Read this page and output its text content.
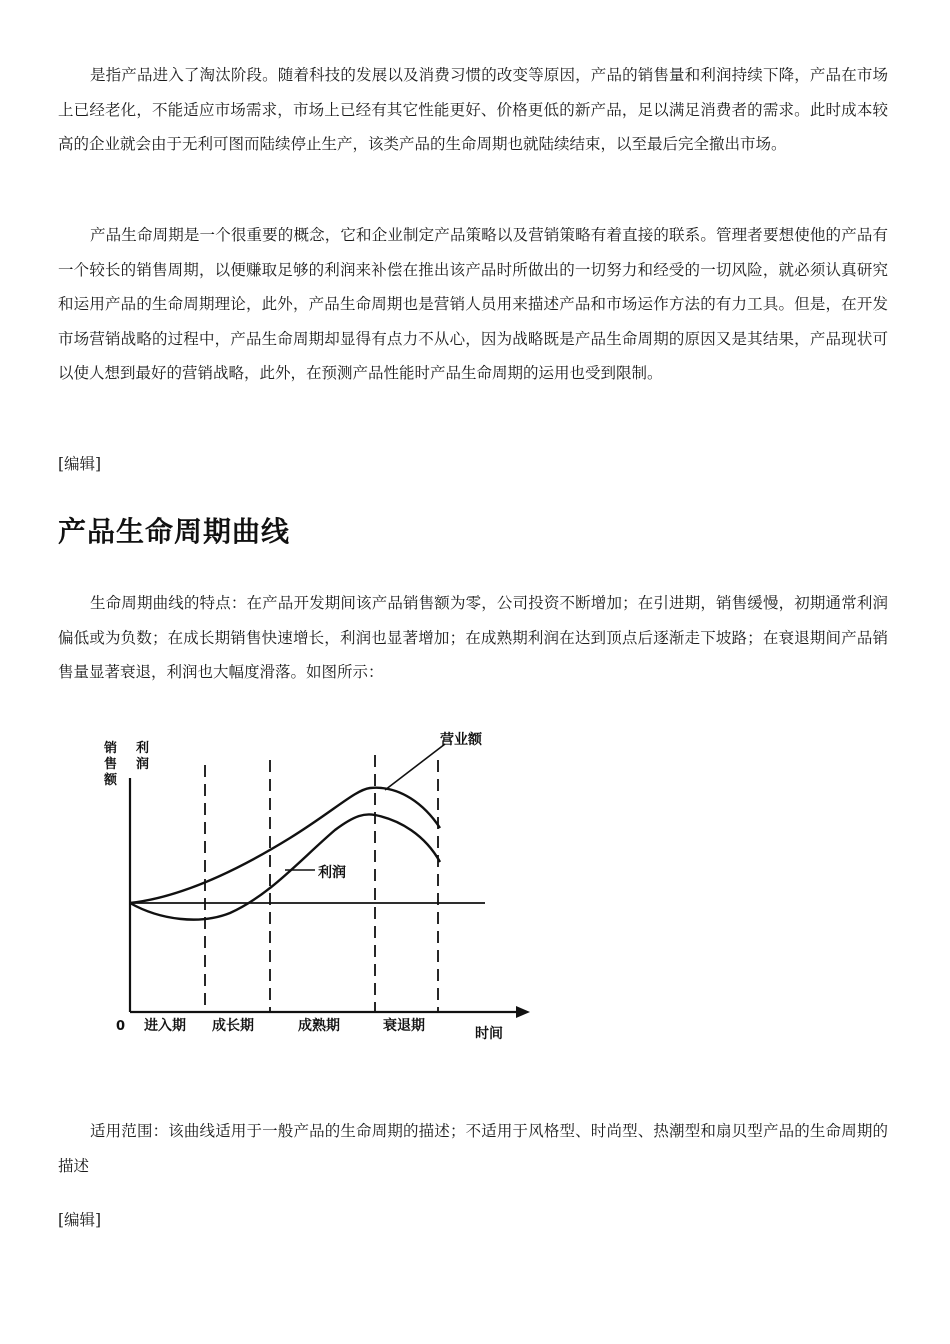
是指产品进入了淘汰阶段。随着科技的发展以及消费习惯的改变等原因，产品的销售量和利润持续下降，产品在市场上已经老化，不能适应市场需求，市场上已经有其它性能更好、价格更低的新产品，足以满足消费者的需求。此时成本较高的企业就会由于无利可图而陆续停止生产，该类产品的生命周期也就陆续结束，以至最后完全撤出市场。

产品生命周期是一个很重要的概念，它和企业制定产品策略以及营销策略有着直接的联系。管理者要想使他的产品有一个较长的销售周期，以便赚取足够的利润来补偿在推出该产品时所做出的一切努力和经受的一切风险，就必须认真研究和运用产品的生命周期理论，此外，产品生命周期也是营销人员用来描述产品和市场运作方法的有力工具。但是，在开发市场营销战略的过程中，产品生命周期却显得有点力不从心，因为战略既是产品生命周期的原因又是其结果，产品现状可以使人想到最好的营销战略，此外，在预测产品性能时产品生命周期的运用也受到限制。

[编辑]
产品生命周期曲线

生命周期曲线的特点：在产品开发期间该产品销售额为零，公司投资不断增加；在引进期，销售缓慢，初期通常利润偏低或为负数；在成长期销售快速增长，利润也显著增加；在成熟期利润在达到顶点后逐渐走下坡路；在衰退期间产品销售量显著衰退，利润也大幅度滑落。如图所示：

销
售
额
利
润
营业额
利润
0 进入期 成长期	成熟期	衰退期	时间

适用范围：该曲线适用于一般产品的生命周期的描述；不适用于风格型、时尚型、热潮型和扇贝型产品的生命周期的描述

[编辑]
